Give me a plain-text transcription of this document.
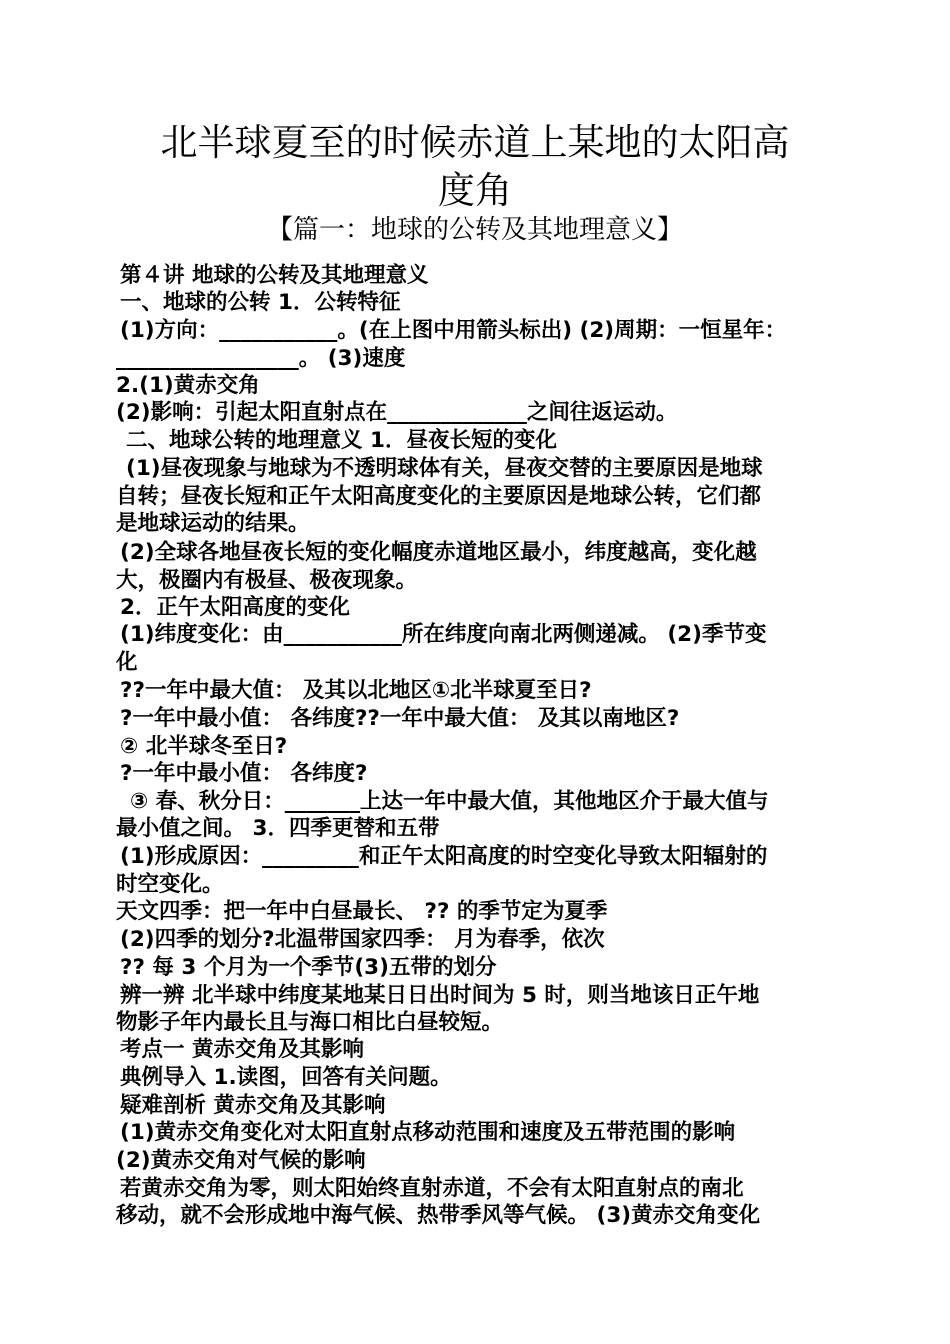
北半球夏至的时候赤道上某地的太阳高
度角
【篇一：地球的公转及其地理意义】
第４讲 地球的公转及其地理意义
一、地球的公转 1．公转特征
(1)方向：___________。(在上图中用箭头标出) (2)周期：一恒星年：
_________________。 (3)速度
2.(1)黄赤交角
(2)影响：引起太阳直射点在_____________之间往返运动。
二、地球公转的地理意义 1．昼夜长短的变化
(1)昼夜现象与地球为不透明球体有关，昼夜交替的主要原因是地球
自转；昼夜长短和正午太阳高度变化的主要原因是地球公转，它们都
是地球运动的结果。
(2)全球各地昼夜长短的变化幅度赤道地区最小，纬度越高，变化越
大，极圈内有极昼、极夜现象。
2．正午太阳高度的变化
(1)纬度变化：由___________所在纬度向南北两侧递减。 (2)季节变
化
??一年中最大值： 及其以北地区①北半球夏至日?
?一年中最小值： 各纬度??一年中最大值： 及其以南地区?
② 北半球冬至日?
?一年中最小值： 各纬度?
③ 春、秋分日：_______上达一年中最大值，其他地区介于最大值与
最小值之间。 3．四季更替和五带
(1)形成原因：_________和正午太阳高度的时空变化导致太阳辐射的
时空变化。
天文四季：把一年中白昼最长、 ?? 的季节定为夏季
(2)四季的划分?北温带国家四季： 月为春季，依次
?? 每 3 个月为一个季节(3)五带的划分
辨一辨 北半球中纬度某地某日日出时间为 5 时，则当地该日正午地
物影子年内最长且与海口相比白昼较短。
考点一 黄赤交角及其影响
典例导入 1.读图，回答有关问题。
疑难剖析 黄赤交角及其影响
(1)黄赤交角变化对太阳直射点移动范围和速度及五带范围的影响
(2)黄赤交角对气候的影响
若黄赤交角为零，则太阳始终直射赤道，不会有太阳直射点的南北
移动，就不会形成地中海气候、热带季风等气候。 (3)黄赤交角变化
